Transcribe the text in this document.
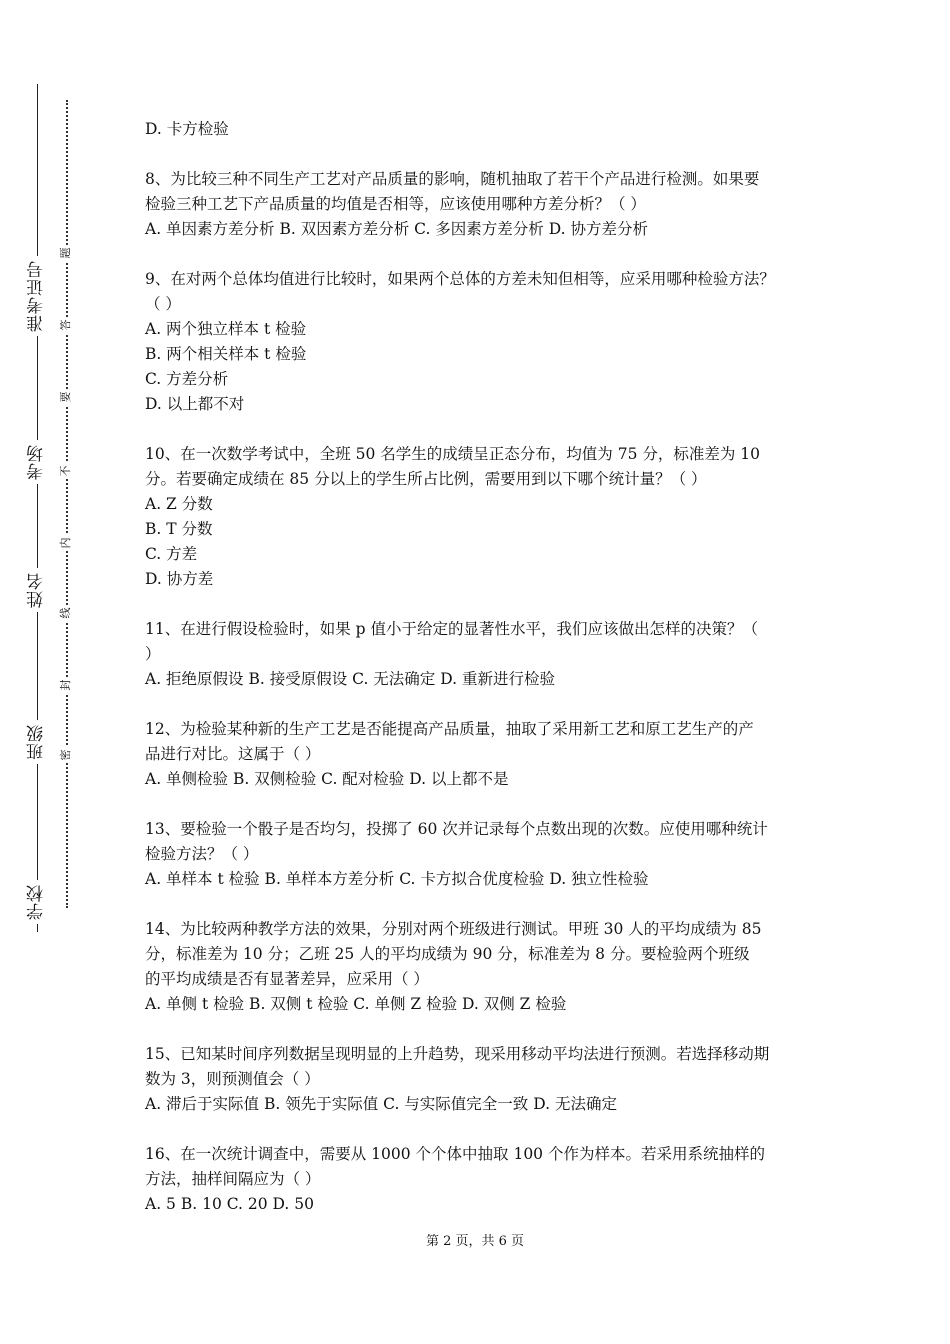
准考证号
考场
姓名
班级
学校
题
答
要
不
内
线
封
密
D. 卡方检验
8、为比较三种不同生产工艺对产品质量的影响，随机抽取了若干个产品进行检测。如果要
检验三种工艺下产品质量的均值是否相等，应该使用哪种方差分析？（ ）
A. 单因素方差分析 B. 双因素方差分析 C. 多因素方差分析 D. 协方差分析
9、在对两个总体均值进行比较时，如果两个总体的方差未知但相等，应采用哪种检验方法？
（ ）
A. 两个独立样本 t 检验
B. 两个相关样本 t 检验
C. 方差分析
D. 以上都不对
10、在一次数学考试中，全班 50 名学生的成绩呈正态分布，均值为 75 分，标准差为 10
分。若要确定成绩在 85 分以上的学生所占比例，需要用到以下哪个统计量？（ ）
A. Z 分数
B. T 分数
C. 方差
D. 协方差
11、在进行假设检验时，如果 p 值小于给定的显著性水平，我们应该做出怎样的决策？（
）
A. 拒绝原假设 B. 接受原假设 C. 无法确定 D. 重新进行检验
12、为检验某种新的生产工艺是否能提高产品质量，抽取了采用新工艺和原工艺生产的产
品进行对比。这属于（ ）
A. 单侧检验 B. 双侧检验 C. 配对检验 D. 以上都不是
13、要检验一个骰子是否均匀，投掷了 60 次并记录每个点数出现的次数。应使用哪种统计
检验方法？（ ）
A. 单样本 t 检验 B. 单样本方差分析 C. 卡方拟合优度检验 D. 独立性检验
14、为比较两种教学方法的效果，分别对两个班级进行测试。甲班 30 人的平均成绩为 85
分，标准差为 10 分；乙班 25 人的平均成绩为 90 分，标准差为 8 分。要检验两个班级
的平均成绩是否有显著差异，应采用（ ）
A. 单侧 t 检验 B. 双侧 t 检验 C. 单侧 Z 检验 D. 双侧 Z 检验
15、已知某时间序列数据呈现明显的上升趋势，现采用移动平均法进行预测。若选择移动期
数为 3，则预测值会（ ）
A. 滞后于实际值 B. 领先于实际值 C. 与实际值完全一致 D. 无法确定
16、在一次统计调查中，需要从 1000 个个体中抽取 100 个作为样本。若采用系统抽样的
方法，抽样间隔应为（ ）
A. 5 B. 10 C. 20 D. 50
第 2 页，共 6 页
